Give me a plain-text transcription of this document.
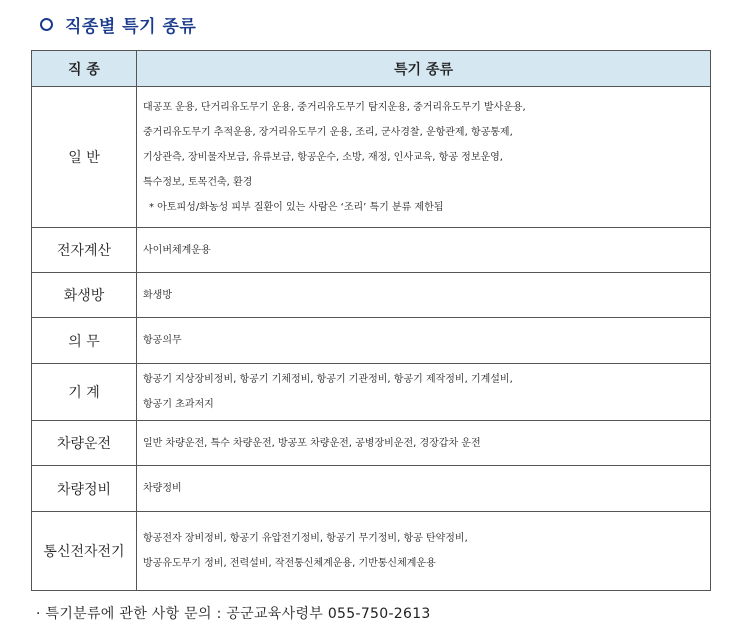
직종별 특기 종류
직 종	특기 종류
일 반	대공포 운용, 단거리유도무기 운용, 중거리유도무기 탐지운용, 중거리유도무기 발사운용,
중거리유도무기 추적운용, 장거리유도무기 운용, 조리, 군사경찰, 운항관제, 항공통제,
기상관측, 장비물자보급, 유류보급, 항공운수, 소방, 재정, 인사교육, 항공 정보운영,
특수정보, 토목건축, 환경
* 아토피성/화농성 피부 질환이 있는 사람은 ‘조리’ 특기 분류 제한됨

전자계산	사이버체계운용

화생방	화생방

의 무	항공의무

기 계	항공기 지상장비정비, 항공기 기체정비, 항공기 기관정비, 항공기 제작정비, 기계설비,
항공기 초과저지

차량운전	일반 차량운전, 특수 차량운전, 방공포 차량운전, 공병장비운전, 경장갑차 운전

차량정비	차량정비

통신전자전기	항공전자 장비정비, 항공기 유압전기정비, 항공기 무기정비, 항공 탄약정비,
방공유도무기 정비, 전력설비, 작전통신체계운용, 기반통신체계운용
· 특기분류에 관한 사항 문의 : 공군교육사령부 055-750-2613
